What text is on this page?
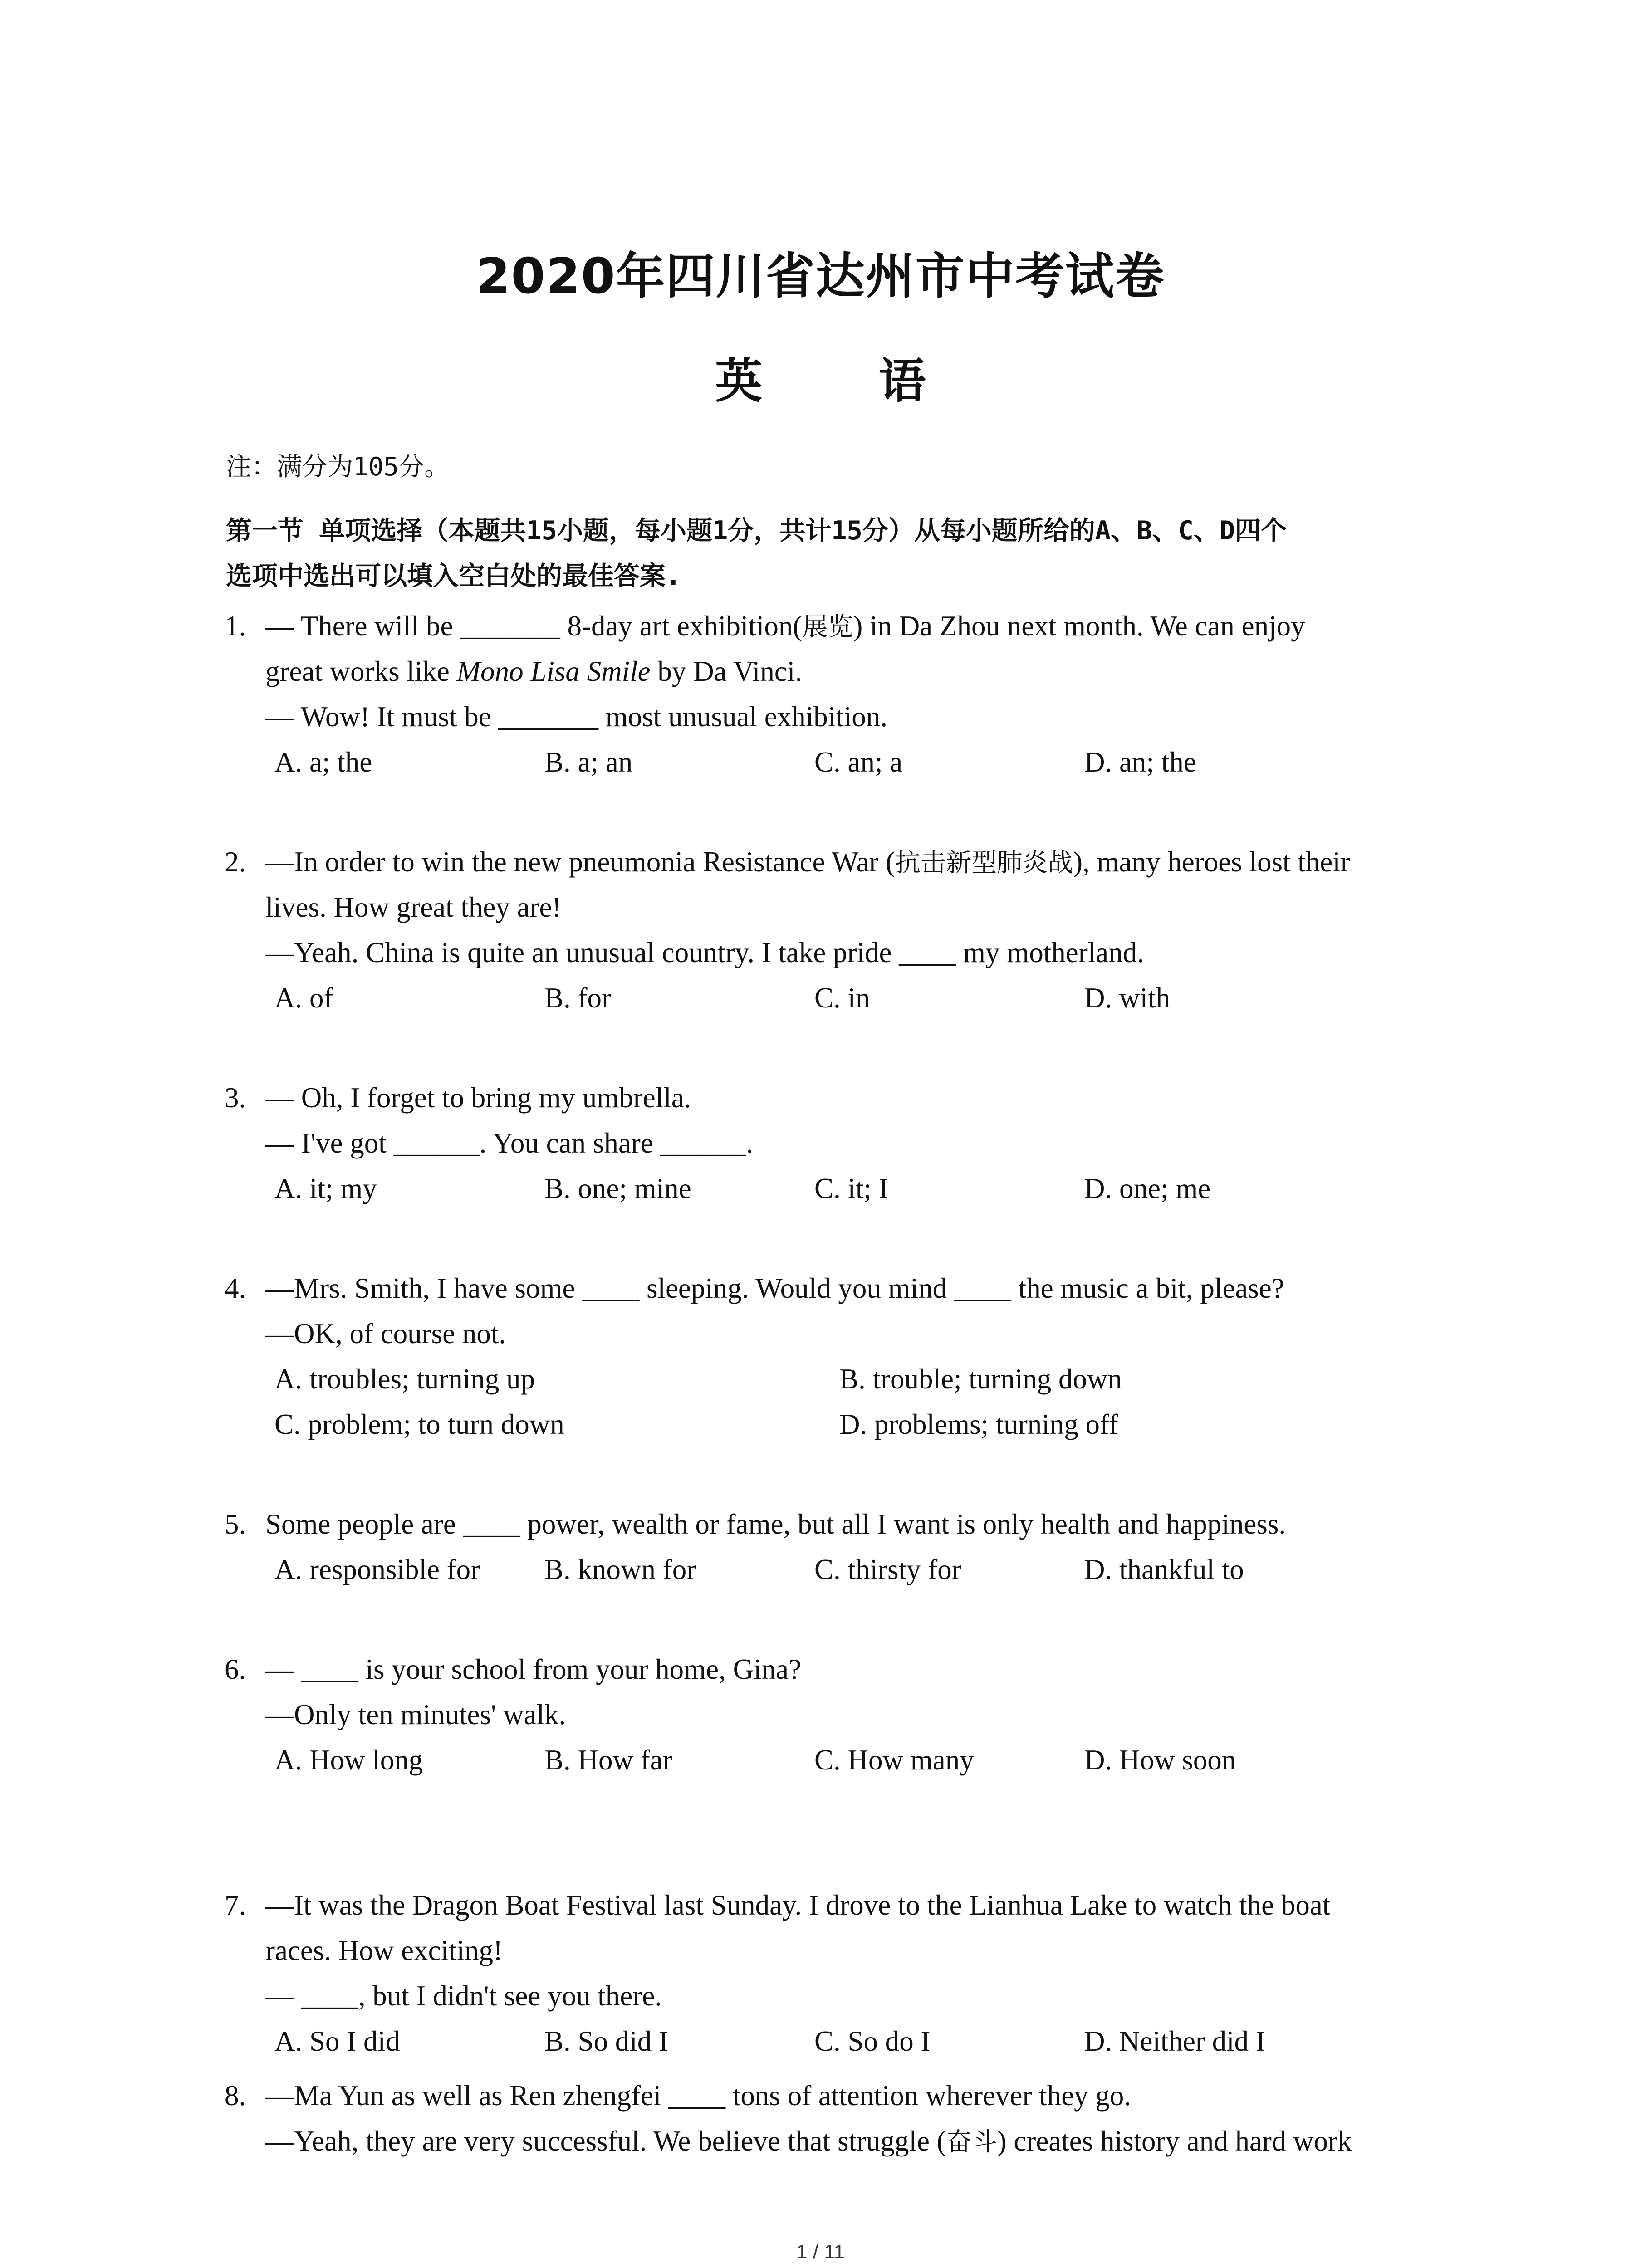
2020年四川省达州市中考试卷
英 语
注：满分为105分。
第一节 单项选择（本题共15小题，每小题1分，共计15分）从每小题所给的A、B、C、D四个
选项中选出可以填入空白处的最佳答案.
1. — There will be _______ 8-day art exhibition(展览) in Da Zhou next month. We can enjoy
great works like Mono Lisa Smile by Da Vinci.
— Wow! It must be _______ most unusual exhibition.
A. a; the	B. a; an	C. an; a	D. an; the
2. —In order to win the new pneumonia Resistance War (抗击新型肺炎战), many heroes lost their
lives. How great they are!
—Yeah. China is quite an unusual country. I take pride ____ my motherland.
A. of	B. for	C. in	D. with
3. — Oh, I forget to bring my umbrella.
— I've got ______. You can share ______.
A. it; my	B. one; mine	C. it; I	D. one; me
4. —Mrs. Smith, I have some ____ sleeping. Would you mind ____ the music a bit, please?
—OK, of course not.
A. troubles; turning up	B. trouble; turning down
C. problem; to turn down	D. problems; turning off
5. Some people are ____ power, wealth or fame, but all I want is only health and happiness.
A. responsible for B. known for	C. thirsty for	D. thankful to
6. — ____ is your school from your home, Gina?
—Only ten minutes' walk.
A. How long	B. How far	C. How many	D. How soon
7. —It was the Dragon Boat Festival last Sunday. I drove to the Lianhua Lake to watch the boat
races. How exciting!
— ____, but I didn't see you there.
A. So I did	B. So did I	C. So do I	D. Neither did I
8. —Ma Yun as well as Ren zhengfei ____ tons of attention wherever they go.
—Yeah, they are very successful. We believe that struggle (奋斗) creates history and hard work
1 / 11
